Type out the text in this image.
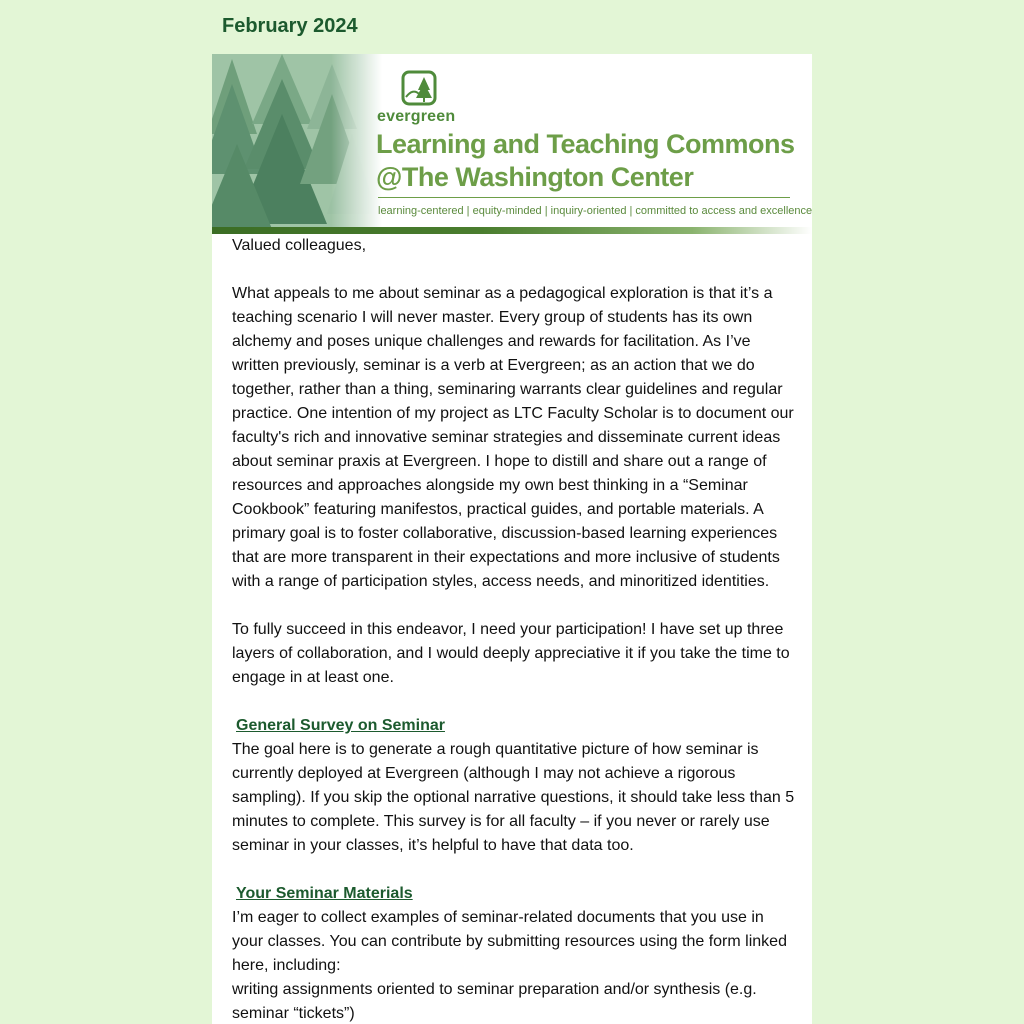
February 2024
evergreen
Learning and Teaching Commons
@The Washington Center
learning-centered | equity-minded | inquiry-oriented | committed to access and excellence

Valued colleagues,

What appeals to me about seminar as a pedagogical exploration is that it’s a teaching scenario I will never master. Every group of students has its own alchemy and poses unique challenges and rewards for facilitation. As I’ve written previously, seminar is a verb at Evergreen; as an action that we do together, rather than a thing, seminaring warrants clear guidelines and regular practice. One intention of my project as LTC Faculty Scholar is to document our faculty's rich and innovative seminar strategies and disseminate current ideas about seminar praxis at Evergreen. I hope to distill and share out a range of resources and approaches alongside my own best thinking in a “Seminar Cookbook” featuring manifestos, practical guides, and portable materials. A primary goal is to foster collaborative, discussion-based learning experiences that are more transparent in their expectations and more inclusive of students with a range of participation styles, access needs, and minoritized identities.

To fully succeed in this endeavor, I need your participation! I have set up three layers of collaboration, and I would deeply appreciative it if you take the time to engage in at least one.

General Survey on Seminar

The goal here is to generate a rough quantitative picture of how seminar is currently deployed at Evergreen (although I may not achieve a rigorous sampling). If you skip the optional narrative questions, it should take less than 5 minutes to complete. This survey is for all faculty – if you never or rarely use seminar in your classes, it’s helpful to have that data too.

Your Seminar Materials

I’m eager to collect examples of seminar-related documents that you use in your classes. You can contribute by submitting resources using the form linked here, including:

writing assignments oriented to seminar preparation and/or synthesis (e.g. seminar “tickets”)
